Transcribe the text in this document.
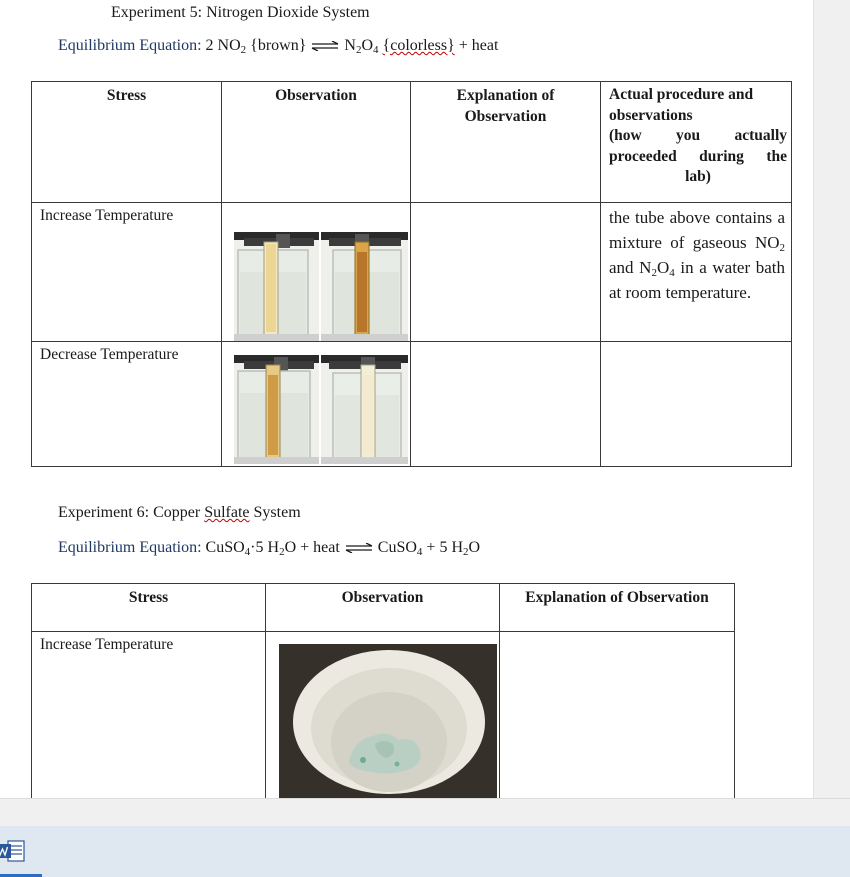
Experiment 5: Nitrogen Dioxide System
Equilibrium Equation: 2 $NO_2$ {brown} ⇌ $N_2O_4$ {colorless} + heat
Stress	Observation	Explanation of Observation	Actual procedure and observations
(how you actually proceeded during the
lab)

Increase Temperature			the tube above contains a mixture of gaseous $NO_2$ and $N_2O_4$ in a water bath at room temperature.

Decrease Temperature			

Experiment 6: Copper Sulfate System
Equilibrium Equation: CuSO$_4$·5 $H_2O$ + heat ⇌ CuSO$_4$ + 5 $H_2O$
Stress	Observation	Explanation of Observation

Increase Temperature		
